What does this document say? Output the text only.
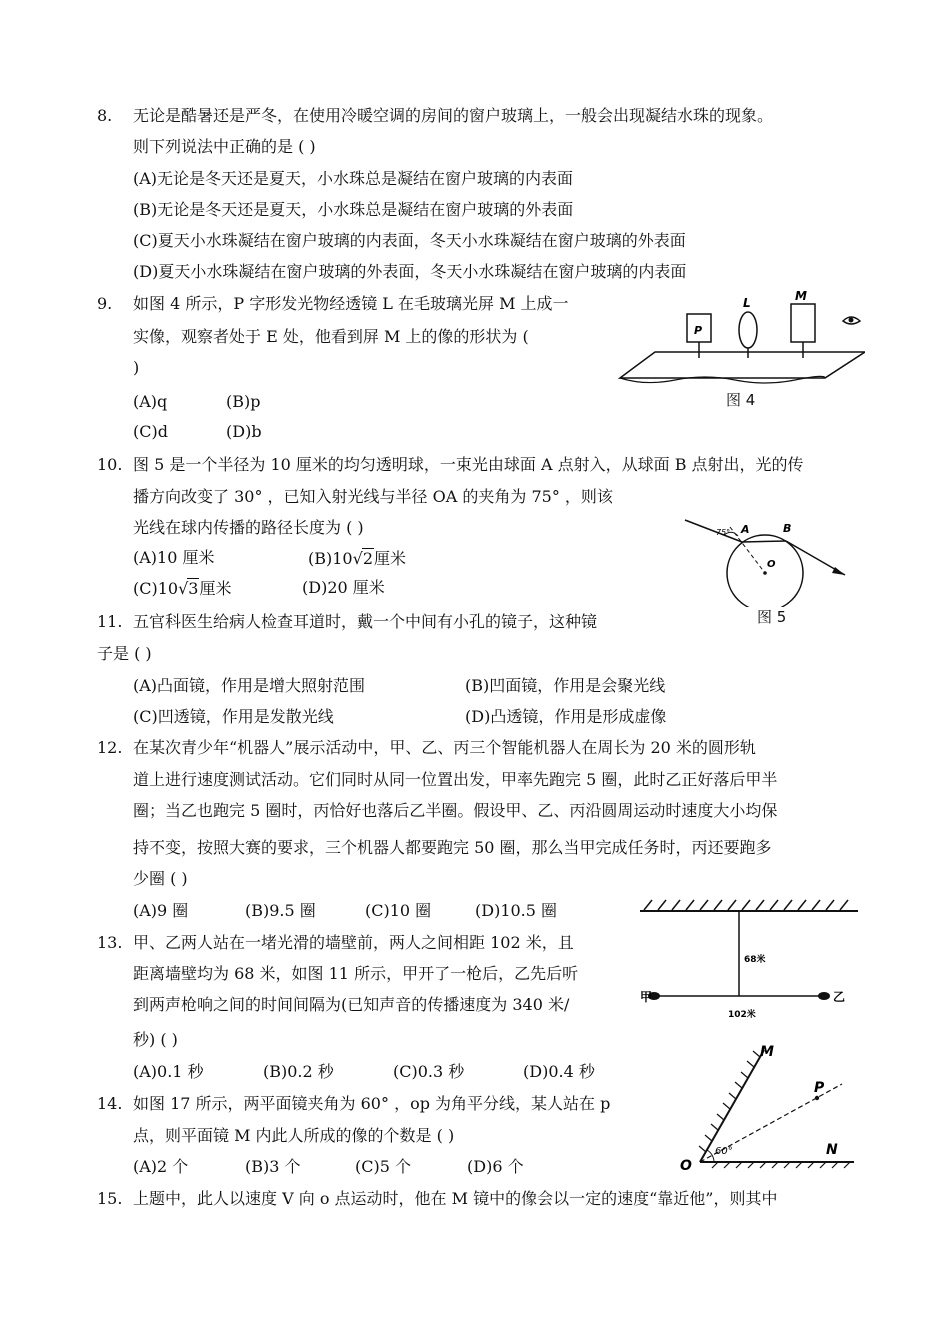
8. 无论是酷暑还是严冬，在使用冷暖空调的房间的窗户玻璃上，一般会出现凝结水珠的现象。
则下列说法中正确的是 ( )
(A)无论是冬天还是夏天，小水珠总是凝结在窗户玻璃的内表面
(B)无论是冬天还是夏天，小水珠总是凝结在窗户玻璃的外表面
(C)夏天小水珠凝结在窗户玻璃的内表面，冬天小水珠凝结在窗户玻璃的外表面
(D)夏天小水珠凝结在窗户玻璃的外表面，冬天小水珠凝结在窗户玻璃的内表面
9. 如图 4 所示，P 字形发光物经透镜 L 在毛玻璃光屏 M 上成一
实像，观察者处于 E 处，他看到屏 M 上的像的形状为 (
)
(A)q	(B)p
(C)d	(D)b
P
L	M
图 4
10. 图 5 是一个半径为 10 厘米的均匀透明球，一束光由球面 A 点射入，从球面 B 点射出，光的传
播方向改变了 30° ，已知入射光线与半径 OA 的夹角为 75° ，则该
光线在球内传播的路径长度为 ( )
(A)10 厘米	(B)10√2厘米
(C)10√3厘米	(D)20 厘米
75° A	B
O
图 5
11. 五官科医生给病人检查耳道时，戴一个中间有小孔的镜子，这种镜
子是 ( )
(A)凸面镜，作用是增大照射范围	(B)凹面镜，作用是会聚光线
(C)凹透镜，作用是发散光线	(D)凸透镜，作用是形成虚像
12. 在某次青少年“机器人”展示活动中，甲、乙、丙三个智能机器人在周长为 20 米的圆形轨
道上进行速度测试活动。它们同时从同一位置出发，甲率先跑完 5 圈，此时乙正好落后甲半
圈；当乙也跑完 5 圈时，丙恰好也落后乙半圈。假设甲、乙、丙沿圆周运动时速度大小均保
持不变，按照大赛的要求，三个机器人都要跑完 50 圈，那么当甲完成任务时，丙还要跑多
少圈 ( )
(A)9 圈	(B)9.5 圈	(C)10 圈	(D)10.5 圈
68米
102米
甲	乙
13. 甲、乙两人站在一堵光滑的墙壁前，两人之间相距 102 米，且
距离墙壁均为 68 米，如图 11 所示，甲开了一枪后，乙先后听
到两声枪响之间的时间间隔为(已知声音的传播速度为 340 米/
秒) ( )
(A)0.1 秒	(B)0.2 秒	(C)0.3 秒	(D)0.4 秒
M
P
N
O
60°
14. 如图 17 所示，两平面镜夹角为 60° ，op 为角平分线，某人站在 p
点，则平面镜 M 内此人所成的像的个数是 ( )
(A)2 个	(B)3 个	(C)5 个	(D)6 个
15. 上题中，此人以速度 V 向 o 点运动时，他在 M 镜中的像会以一定的速度“靠近他”，则其中
